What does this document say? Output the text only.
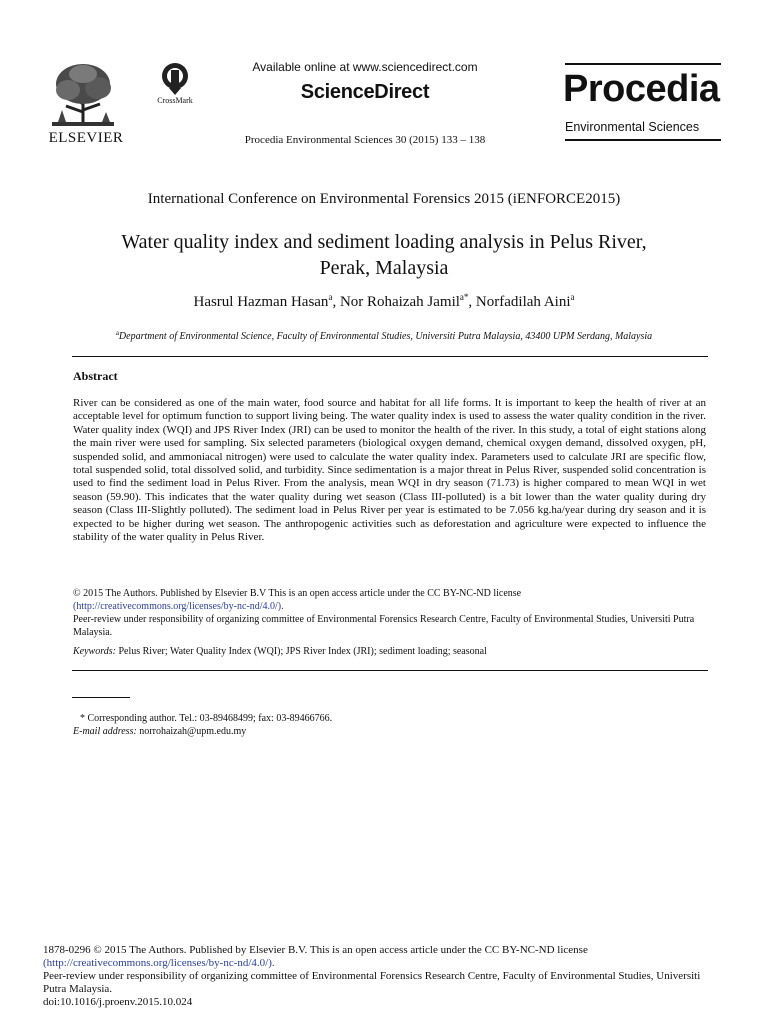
ELSEVIER
CrossMark
Available online at www.sciencedirect.com
ScienceDirect
Procedia Environmental Sciences 30 (2015) 133 – 138
Procedia
Environmental Sciences
International Conference on Environmental Forensics 2015 (iENFORCE2015)
Water quality index and sediment loading analysis in Pelus River,
Perak, Malaysia
Hasrul Hazman Hasan$^a$, Nor Rohaizah Jamil$^{a*}$, Norfadilah Aini$^a$
$^a$Department of Environmental Science, Faculty of Environmental Studies, Universiti Putra Malaysia, 43400 UPM Serdang, Malaysia
Abstract

River can be considered as one of the main water, food source and habitat for all life forms. It is important to keep the health of river at an acceptable level for optimum function to support living being. The water quality index is used to assess the water quality condition in the river. Water quality index (WQI) and JPS River Index (JRI) can be used to monitor the health of the river. In this study, a total of eight stations along the main river were used for sampling. Six selected parameters (biological oxygen demand, chemical oxygen demand, dissolved oxygen, pH, suspended solid, and ammoniacal nitrogen) were used to calculate the water quality index. Parameters used to calculate JRI are specific flow, total suspended solid, total dissolved solid, and turbidity. Since sedimentation is a major threat in Pelus River, suspended solid concentration is used to find the sediment load in Pelus River. From the analysis, mean WQI in dry season (71.73) is higher compared to mean WQI in wet season (59.90). This indicates that the water quality during wet season (Class III-polluted) is a bit lower than the water quality during dry season (Class III-Slightly polluted). The sediment load in Pelus River per year is estimated to be 7.056 kg.ha/year during dry season and it is expected to be higher during wet season. The anthropogenic activities such as deforestation and agriculture were expected to influence the stability of the water quality in Pelus River.

© 2015 The Authors. Published by Elsevier B.V This is an open access article under the CC BY-NC-ND license
(http://creativecommons.org/licenses/by-nc-nd/4.0/).
Peer-review under responsibility of organizing committee of Environmental Forensics Research Centre, Faculty of Environmental Studies, Universiti Putra Malaysia.
Keywords: Pelus River; Water Quality Index (WQI); JPS River Index (JRI); sediment loading; seasonal
* Corresponding author. Tel.: 03-89468499; fax: 03-89466766.
E-mail address: norrohaizah@upm.edu.my
1878-0296 © 2015 The Authors. Published by Elsevier B.V. This is an open access article under the CC BY-NC-ND license
(http://creativecommons.org/licenses/by-nc-nd/4.0/).
Peer-review under responsibility of organizing committee of Environmental Forensics Research Centre, Faculty of Environmental Studies, Universiti Putra Malaysia.
doi:10.1016/j.proenv.2015.10.024
